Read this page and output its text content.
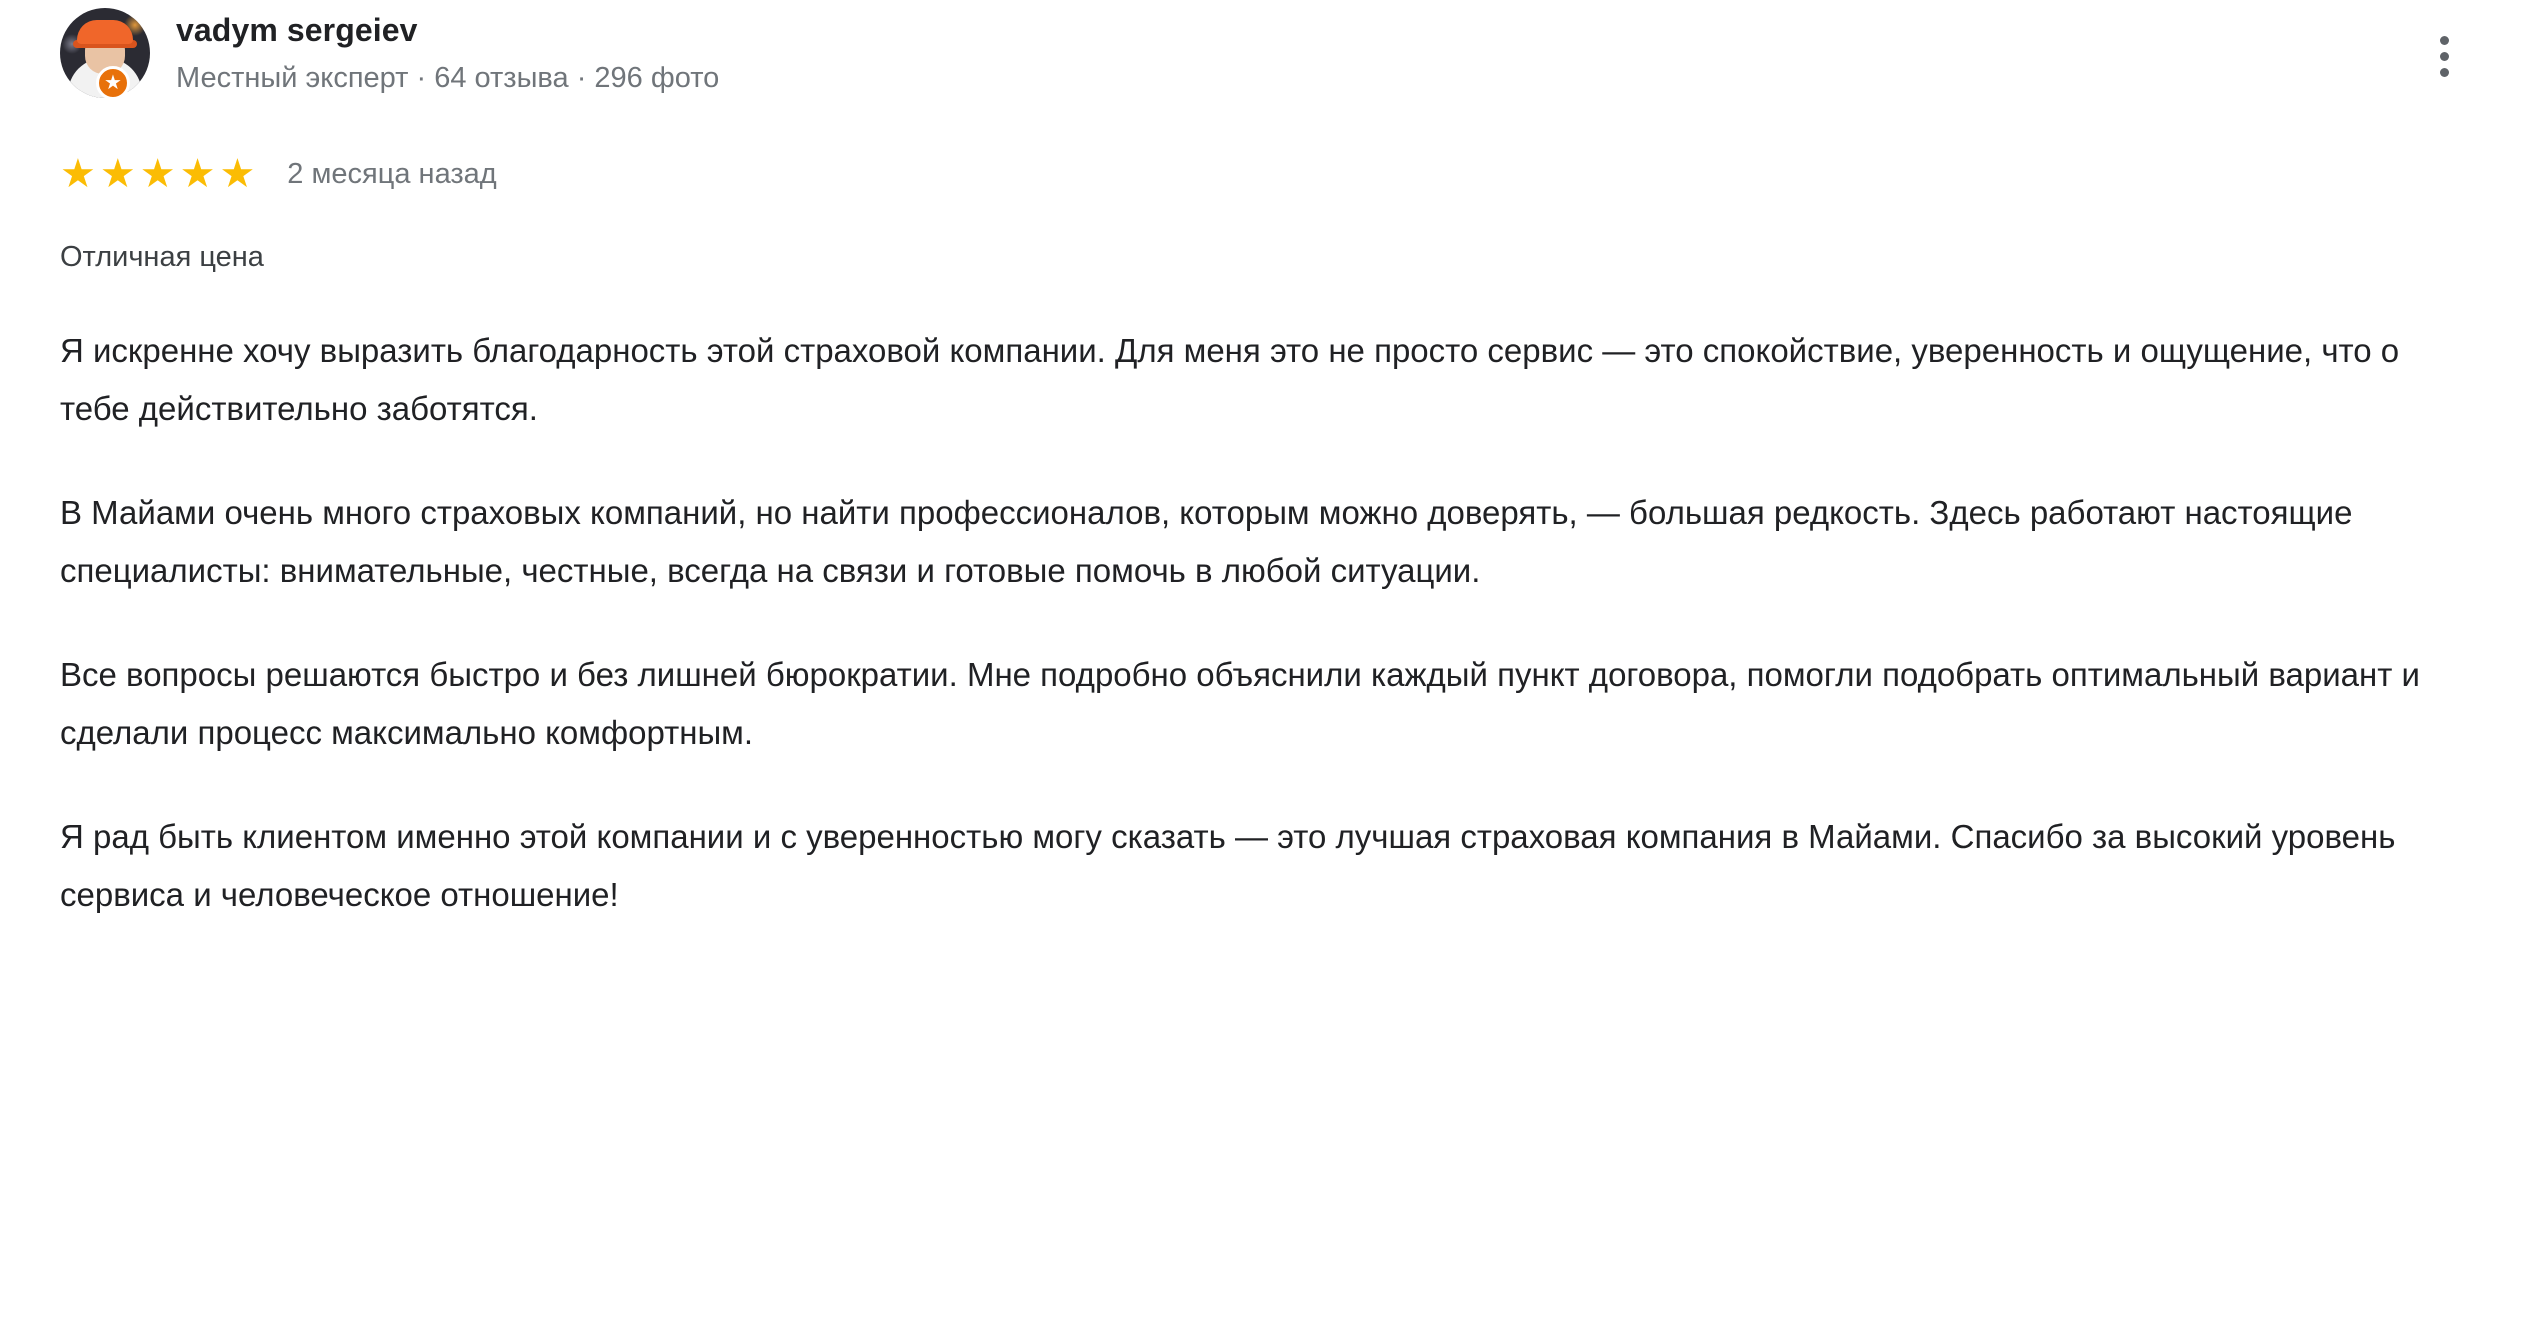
★
vadym sergeiev
Местный эксперт · 64 отзыва · 296 фото
★ ★ ★ ★ ★ 2 месяца назад
Отличная цена

Я искренне хочу выразить благодарность этой страховой компании. Для меня это не просто сервис — это спокойствие, уверенность и ощущение, что о тебе действительно заботятся.

В Майами очень много страховых компаний, но найти профессионалов, которым можно доверять, — большая редкость. Здесь работают настоящие специалисты: внимательные, честные, всегда на связи и готовые помочь в любой ситуации.

Все вопросы решаются быстро и без лишней бюрократии. Мне подробно объяснили каждый пункт договора, помогли подобрать оптимальный вариант и сделали процесс максимально комфортным.

Я рад быть клиентом именно этой компании и с уверенностью могу сказать — это лучшая страховая компания в Майами. Спасибо за высокий уровень сервиса и человеческое отношение!
